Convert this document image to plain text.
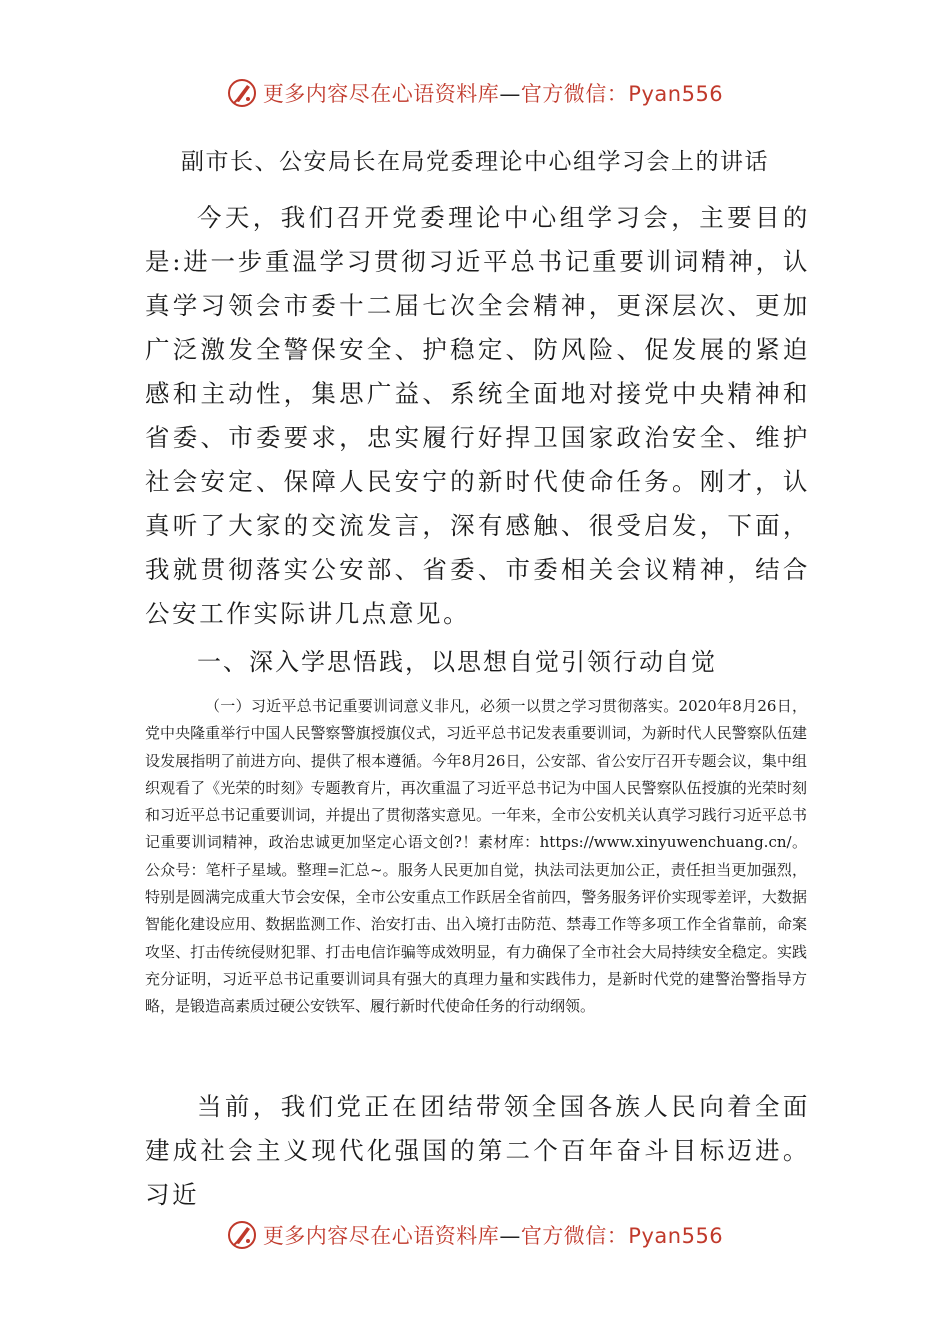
更多内容尽在心语资料库—官方微信：Pyan556
副市长、公安局长在局党委理论中心组学习会上的讲话

今天，我们召开党委理论中心组学习会，主要目的是:进一步重温学习贯彻习近平总书记重要训词精神，认真学习领会市委十二届七次全会精神，更深层次、更加广泛激发全警保安全、护稳定、防风险、促发展的紧迫感和主动性，集思广益、系统全面地对接党中央精神和省委、市委要求，忠实履行好捍卫国家政治安全、维护社会安定、保障人民安宁的新时代使命任务。刚才，认真听了大家的交流发言，深有感触、很受启发，下面，我就贯彻落实公安部、省委、市委相关会议精神，结合公安工作实际讲几点意见。

一、深入学思悟践，以思想自觉引领行动自觉

（一）习近平总书记重要训词意义非凡，必须一以贯之学习贯彻落实。2020年8月26日，党中央隆重举行中国人民警察警旗授旗仪式，习近平总书记发表重要训词，为新时代人民警察队伍建设发展指明了前进方向、提供了根本遵循。今年8月26日，公安部、省公安厅召开专题会议，集中组织观看了《光荣的时刻》专题教育片，再次重温了习近平总书记为中国人民警察队伍授旗的光荣时刻和习近平总书记重要训词，并提出了贯彻落实意见。一年来，全市公安机关认真学习践行习近平总书记重要训词精神，政治忠诚更加坚定心语文创?！素材库：https://www.xinyuwenchuang.cn/。公众号：笔杆子星域。整理=汇总~。服务人民更加自觉，执法司法更加公正，责任担当更加强烈，特别是圆满完成重大节会安保，全市公安重点工作跃居全省前四，警务服务评价实现零差评，大数据智能化建设应用、数据监测工作、治安打击、出入境打击防范、禁毒工作等多项工作全省靠前，命案攻坚、打击传统侵财犯罪、打击电信诈骗等成效明显，有力确保了全市社会大局持续安全稳定。实践充分证明，习近平总书记重要训词具有强大的真理力量和实践伟力，是新时代党的建警治警指导方略，是锻造高素质过硬公安铁军、履行新时代使命任务的行动纲领。

当前，我们党正在团结带领全国各族人民向着全面建成社会主义现代化强国的第二个百年奋斗目标迈进。习近

更多内容尽在心语资料库—官方微信：Pyan556
